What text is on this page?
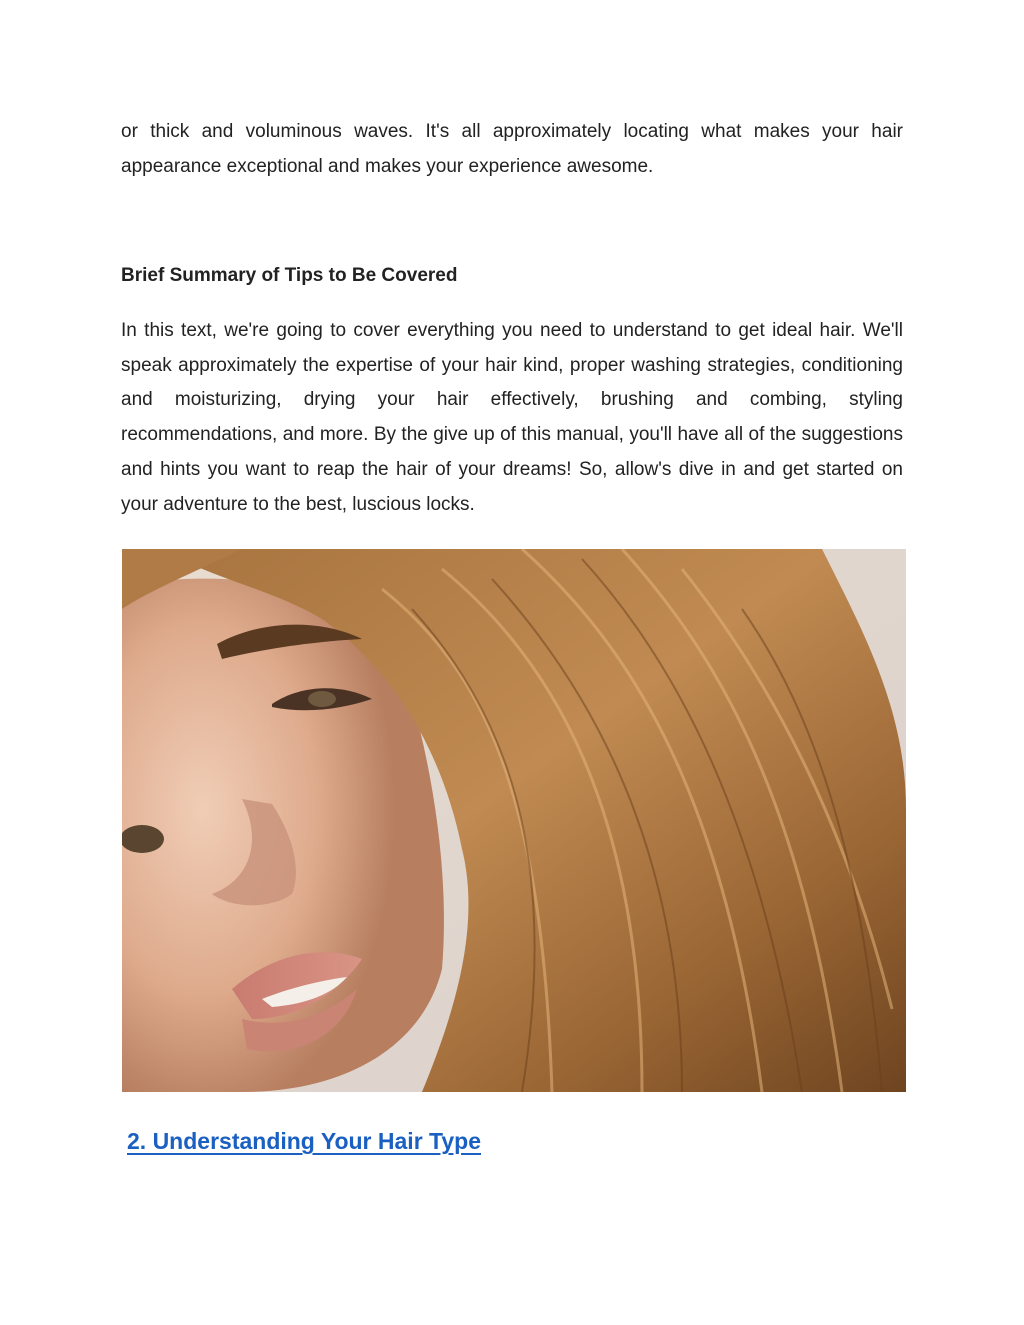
or thick and voluminous waves. It's all approximately locating what makes your hair appearance exceptional and makes your experience awesome.

Brief Summary of Tips to Be Covered

In this text, we're going to cover everything you need to understand to get ideal hair. We'll speak approximately the expertise of your hair kind, proper washing strategies, conditioning and moisturizing, drying your hair effectively, brushing and combing, styling recommendations, and more. By the give up of this manual, you'll have all of the suggestions and hints you want to reap the hair of your dreams! So, allow's dive in and get started on your adventure to the best, luscious locks.

2. Understanding Your Hair Type
